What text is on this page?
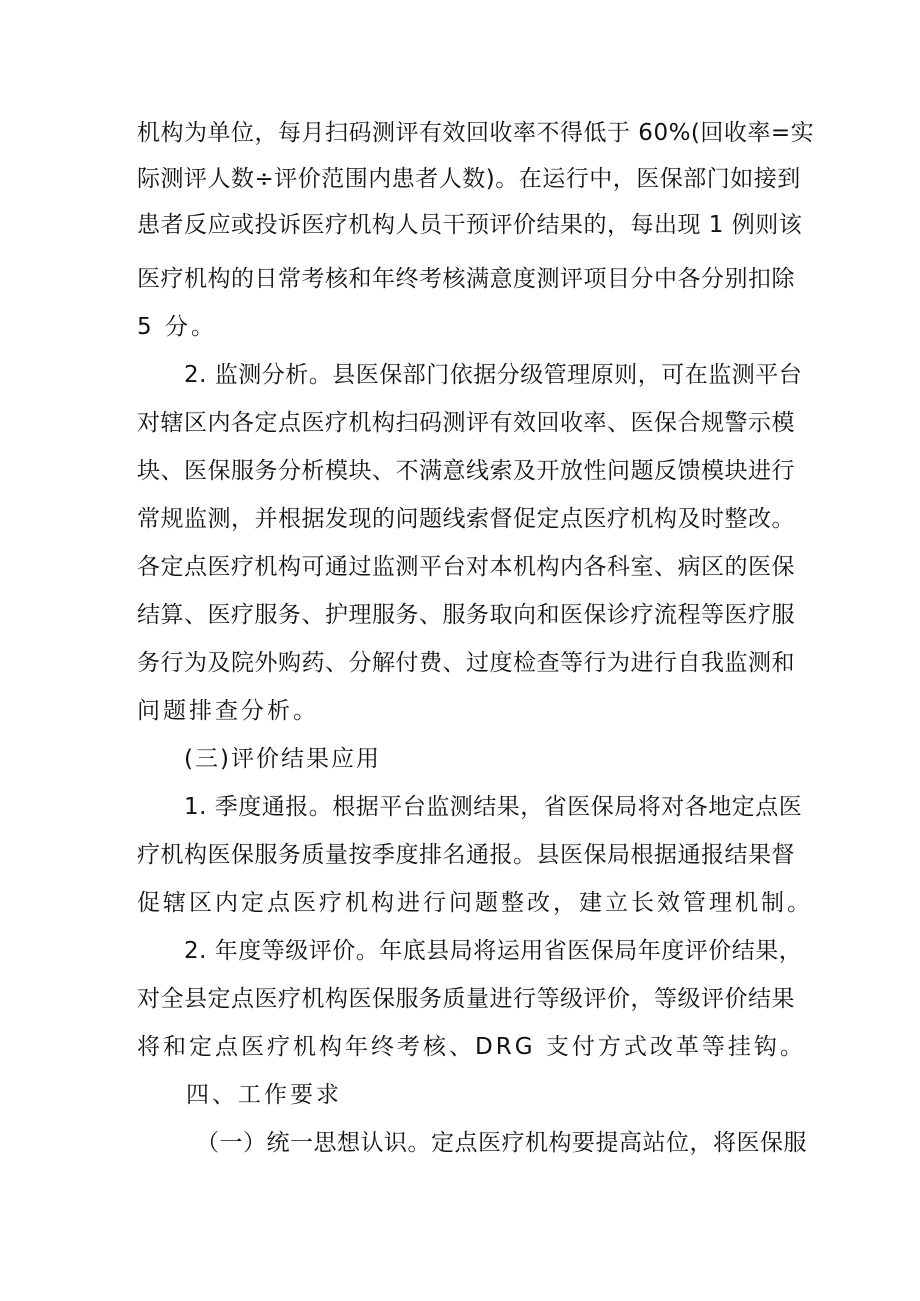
机构为单位，每月扫码测评有效回收率不得低于 60%(回收率=实
际测评人数÷评价范围内患者人数)。在运行中，医保部门如接到
患者反应或投诉医疗机构人员干预评价结果的，每出现 1 例则该
医疗机构的日常考核和年终考核满意度测评项目分中各分别扣除
5 分。
2. 监测分析。县医保部门依据分级管理原则，可在监测平台
对辖区内各定点医疗机构扫码测评有效回收率、医保合规警示模
块、医保服务分析模块、不满意线索及开放性问题反馈模块进行
常规监测，并根据发现的问题线索督促定点医疗机构及时整改。
各定点医疗机构可通过监测平台对本机构内各科室、病区的医保
结算、医疗服务、护理服务、服务取向和医保诊疗流程等医疗服
务行为及院外购药、分解付费、过度检查等行为进行自我监测和
问题排查分析。
(三)评价结果应用
1. 季度通报。根据平台监测结果，省医保局将对各地定点医
疗机构医保服务质量按季度排名通报。县医保局根据通报结果督
促辖区内定点医疗机构进行问题整改，建立长效管理机制。
2. 年度等级评价。年底县局将运用省医保局年度评价结果，
对全县定点医疗机构医保服务质量进行等级评价，等级评价结果
将和定点医疗机构年终考核、DRG 支付方式改革等挂钩。
四、工作要求
（一）统一思想认识。定点医疗机构要提高站位，将医保服
